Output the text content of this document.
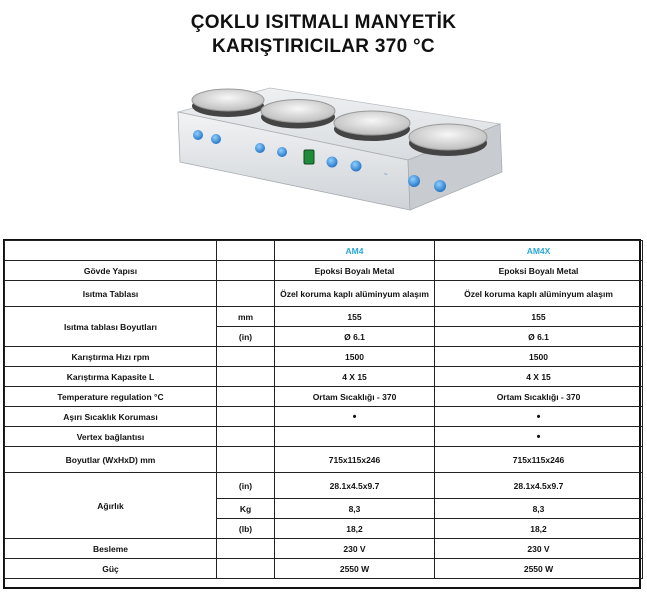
ÇOKLU ISITMALI MANYETİK
KARIŞTIRICILAR 370 °C
~
		AM4	AM4X
Gövde Yapısı		Epoksi Boyalı Metal	Epoksi Boyalı Metal
Isıtma Tablası		Özel koruma kaplı alüminyum alaşım	Özel koruma kaplı alüminyum alaşım
Isıtma tablası Boyutları	mm	155	155
	(in)	Ø 6.1	Ø 6.1
Karıştırma Hızı rpm		1500	1500
Karıştırma Kapasite L		4 X 15	4 X 15
Temperature regulation °C		Ortam Sıcaklığı - 370	Ortam Sıcaklığı - 370
Aşırı Sıcaklık Koruması		•	•
Vertex bağlantısı			•
Boyutlar (WxHxD) mm		715x115x246	715x115x246
Ağırlık	(in)	28.1x4.5x9.7	28.1x4.5x9.7
	Kg	8,3	8,3
	(lb)	18,2	18,2
Besleme		230 V	230 V
Güç		2550 W	2550 W
